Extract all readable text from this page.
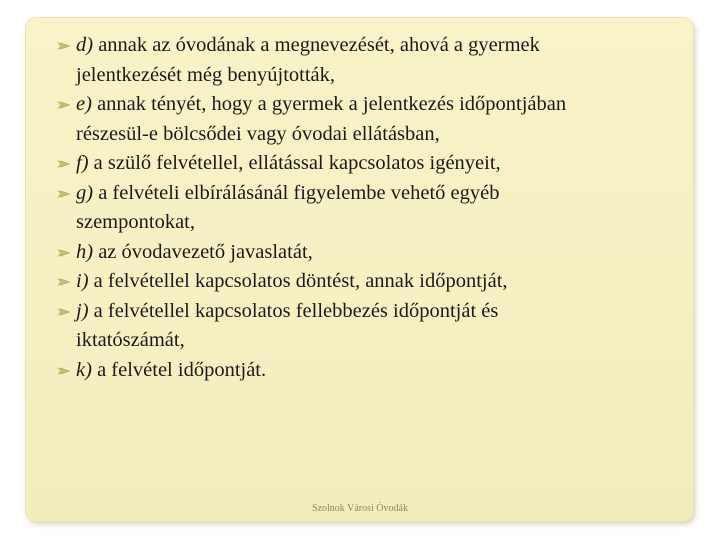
d) annak az óvodának a megnevezését, ahová a gyermek
jelentkezését még benyújtották,
e) annak tényét, hogy a gyermek a jelentkezés időpontjában
részesül-e bölcsődei vagy óvodai ellátásban,
f) a szülő felvétellel, ellátással kapcsolatos igényeit,
g) a felvételi elbírálásánál figyelembe vehető egyéb
szempontokat,
h) az óvodavezető javaslatát,
i) a felvétellel kapcsolatos döntést, annak időpontját,
j) a felvétellel kapcsolatos fellebbezés időpontját és
iktatószámát,
k) a felvétel időpontját.
Szolnok Városi Óvodák
